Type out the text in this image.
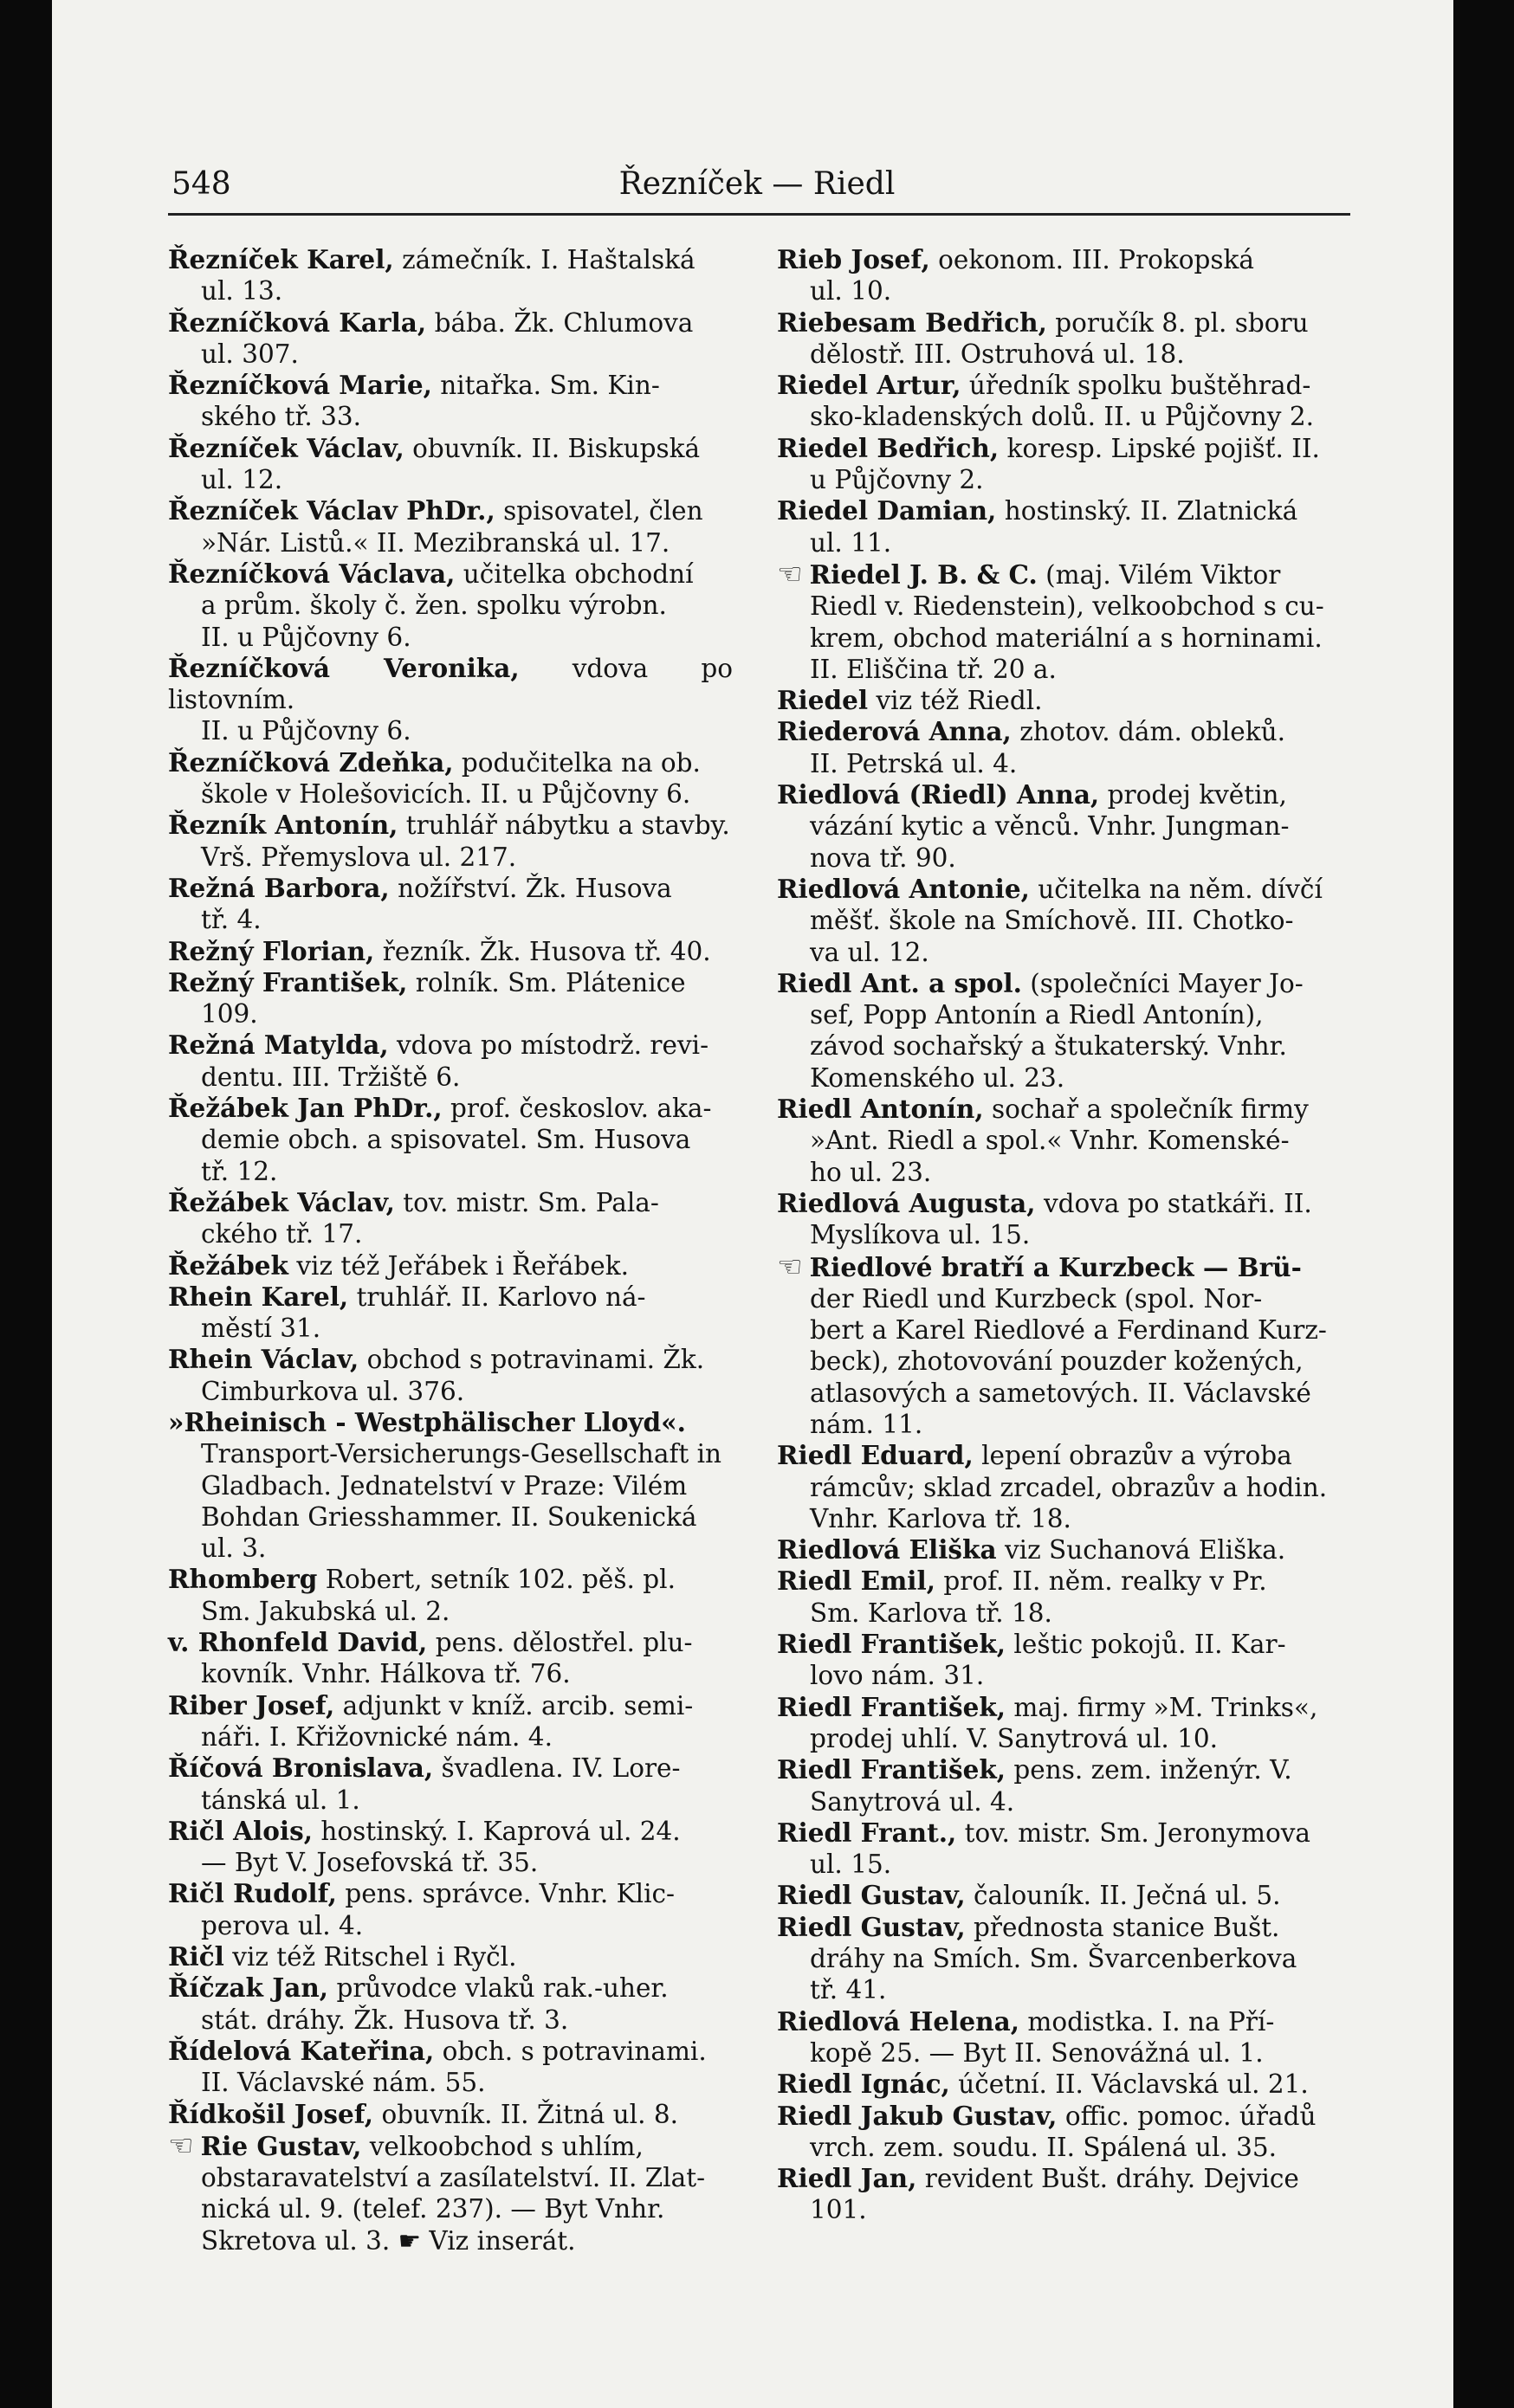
548	Řezníček — Riedl
Řezníček Karel, zámečník. I. Haštalská
ul. 13.
Řezníčková Karla, bába. Žk. Chlumova
ul. 307.
Řezníčková Marie, nitařka. Sm. Kin-
ského tř. 33.
Řezníček Václav, obuvník. II. Biskupská
ul. 12.
Řezníček Václav PhDr., spisovatel, člen
»Nár. Listů.« II. Mezibranská ul. 17.
Řezníčková Václava, učitelka obchodní
a prům. školy č. žen. spolku výrobn.
II. u Půjčovny 6.
Řezníčková Veronika, vdova po listovním.
II. u Půjčovny 6.
Řezníčková Zdeňka, podučitelka na ob.
škole v Holešovicích. II. u Půjčovny 6.
Řezník Antonín, truhlář nábytku a stavby.
Vrš. Přemyslova ul. 217.
Režná Barbora, nožířství. Žk. Husova
tř. 4.
Režný Florian, řezník. Žk. Husova tř. 40.
Režný František, rolník. Sm. Plátenice
109.
Režná Matylda, vdova po místodrž. revi-
dentu. III. Tržiště 6.
Řežábek Jan PhDr., prof. českoslov. aka-
demie obch. a spisovatel. Sm. Husova
tř. 12.
Řežábek Václav, tov. mistr. Sm. Pala-
ckého tř. 17.
Řežábek viz též Jeřábek i Řeřábek.
Rhein Karel, truhlář. II. Karlovo ná-
městí 31.
Rhein Václav, obchod s potravinami. Žk.
Cimburkova ul. 376.
»Rheinisch - Westphälischer Lloyd«.
Transport-Versicherungs-Gesellschaft in
Gladbach. Jednatelství v Praze: Vilém
Bohdan Griesshammer. II. Soukenická
ul. 3.
Rhomberg Robert, setník 102. pěš. pl.
Sm. Jakubská ul. 2.
v. Rhonfeld David, pens. dělostřel. plu-
kovník. Vnhr. Hálkova tř. 76.
Riber Josef, adjunkt v kníž. arcib. semi-
náři. I. Křižovnické nám. 4.
Říčová Bronislava, švadlena. IV. Lore-
tánská ul. 1.
Ričl Alois, hostinský. I. Kaprová ul. 24.
— Byt V. Josefovská tř. 35.
Ričl Rudolf, pens. správce. Vnhr. Klic-
perova ul. 4.
Ričl viz též Ritschel i Ryčl.
Říčzak Jan, průvodce vlaků rak.-uher.
stát. dráhy. Žk. Husova tř. 3.
Řídelová Kateřina, obch. s potravinami.
II. Václavské nám. 55.
Řídkošil Josef, obuvník. II. Žitná ul. 8.
☞ Rie Gustav, velkoobchod s uhlím,
obstaravatelství a zasílatelství. II. Zlat-
nická ul. 9. (telef. 237). — Byt Vnhr.
Skretova ul. 3. ☛ Viz inserát.
Rieb Josef, oekonom. III. Prokopská
ul. 10.
Riebesam Bedřich, poručík 8. pl. sboru
dělostř. III. Ostruhová ul. 18.
Riedel Artur, úředník spolku buštěhrad-
sko-kladenských dolů. II. u Půjčovny 2.
Riedel Bedřich, koresp. Lipské pojišť. II.
u Půjčovny 2.
Riedel Damian, hostinský. II. Zlatnická
ul. 11.
☞ Riedel J. B. & C. (maj. Vilém Viktor
Riedl v. Riedenstein), velkoobchod s cu-
krem, obchod materiální a s horninami.
II. Eliščina tř. 20 a.
Riedel viz též Riedl.
Riederová Anna, zhotov. dám. obleků.
II. Petrská ul. 4.
Riedlová (Riedl) Anna, prodej květin,
vázání kytic a věnců. Vnhr. Jungman-
nova tř. 90.
Riedlová Antonie, učitelka na něm. dívčí
měšť. škole na Smíchově. III. Chotko-
va ul. 12.
Riedl Ant. a spol. (společníci Mayer Jo-
sef, Popp Antonín a Riedl Antonín),
závod sochařský a štukaterský. Vnhr.
Komenského ul. 23.
Riedl Antonín, sochař a společník firmy
»Ant. Riedl a spol.« Vnhr. Komenské-
ho ul. 23.
Riedlová Augusta, vdova po statkáři. II.
Myslíkova ul. 15.
☞ Riedlové bratří a Kurzbeck — Brü-
der Riedl und Kurzbeck (spol. Nor-
bert a Karel Riedlové a Ferdinand Kurz-
beck), zhotovování pouzder kožených,
atlasových a sametových. II. Václavské
nám. 11.
Riedl Eduard, lepení obrazův a výroba
rámcův; sklad zrcadel, obrazův a hodin.
Vnhr. Karlova tř. 18.
Riedlová Eliška viz Suchanová Eliška.
Riedl Emil, prof. II. něm. realky v Pr.
Sm. Karlova tř. 18.
Riedl František, leštic pokojů. II. Kar-
lovo nám. 31.
Riedl František, maj. firmy »M. Trinks«,
prodej uhlí. V. Sanytrová ul. 10.
Riedl František, pens. zem. inženýr. V.
Sanytrová ul. 4.
Riedl Frant., tov. mistr. Sm. Jeronymova
ul. 15.
Riedl Gustav, čalouník. II. Ječná ul. 5.
Riedl Gustav, přednosta stanice Bušt.
dráhy na Smích. Sm. Švarcenberkova
tř. 41.
Riedlová Helena, modistka. I. na Pří-
kopě 25. — Byt II. Senovážná ul. 1.
Riedl Ignác, účetní. II. Václavská ul. 21.
Riedl Jakub Gustav, offic. pomoc. úřadů
vrch. zem. soudu. II. Spálená ul. 35.
Riedl Jan, revident Bušt. dráhy. Dejvice
101.
